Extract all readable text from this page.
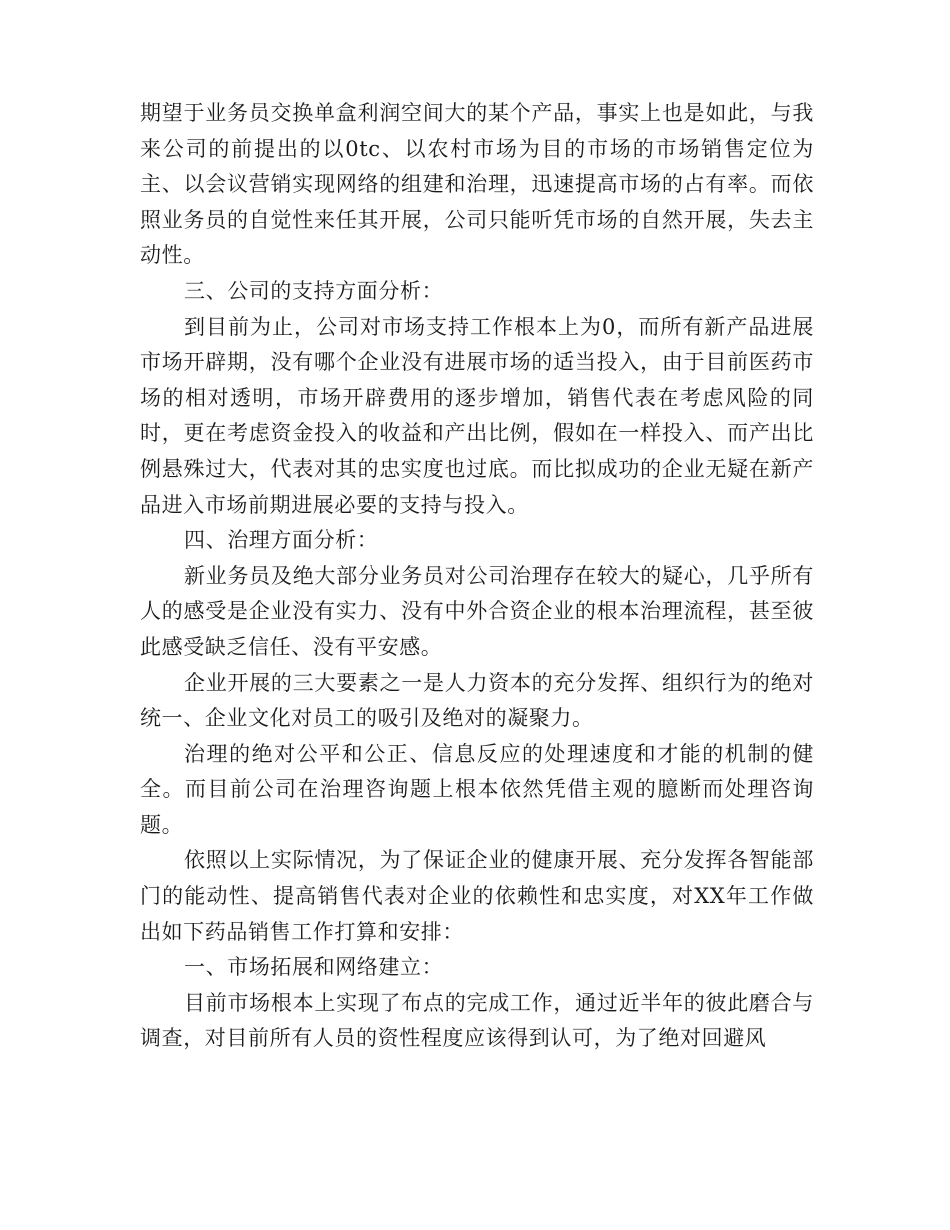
期望于业务员交换单盒利润空间大的某个产品，事实上也是如此，与我来公司的前提出的以0tc、以农村市场为目的市场的市场销售定位为主、以会议营销实现网络的组建和治理，迅速提高市场的占有率。而依照业务员的自觉性来任其开展，公司只能听凭市场的自然开展，失去主动性。

三、公司的支持方面分析：

到目前为止，公司对市场支持工作根本上为0，而所有新产品进展市场开辟期，没有哪个企业没有进展市场的适当投入，由于目前医药市场的相对透明，市场开辟费用的逐步增加，销售代表在考虑风险的同时，更在考虑资金投入的收益和产出比例，假如在一样投入、而产出比例悬殊过大，代表对其的忠实度也过底。而比拟成功的企业无疑在新产品进入市场前期进展必要的支持与投入。

四、治理方面分析：

新业务员及绝大部分业务员对公司治理存在较大的疑心，几乎所有人的感受是企业没有实力、没有中外合资企业的根本治理流程，甚至彼此感受缺乏信任、没有平安感。

企业开展的三大要素之一是人力资本的充分发挥、组织行为的绝对统一、企业文化对员工的吸引及绝对的凝聚力。

治理的绝对公平和公正、信息反应的处理速度和才能的机制的健全。而目前公司在治理咨询题上根本依然凭借主观的臆断而处理咨询题。

依照以上实际情况，为了保证企业的健康开展、充分发挥各智能部门的能动性、提高销售代表对企业的依赖性和忠实度，对XX年工作做出如下药品销售工作打算和安排：

一、市场拓展和网络建立：

目前市场根本上实现了布点的完成工作，通过近半年的彼此磨合与调查，对目前所有人员的资性程度应该得到认可，为了绝对回避风
